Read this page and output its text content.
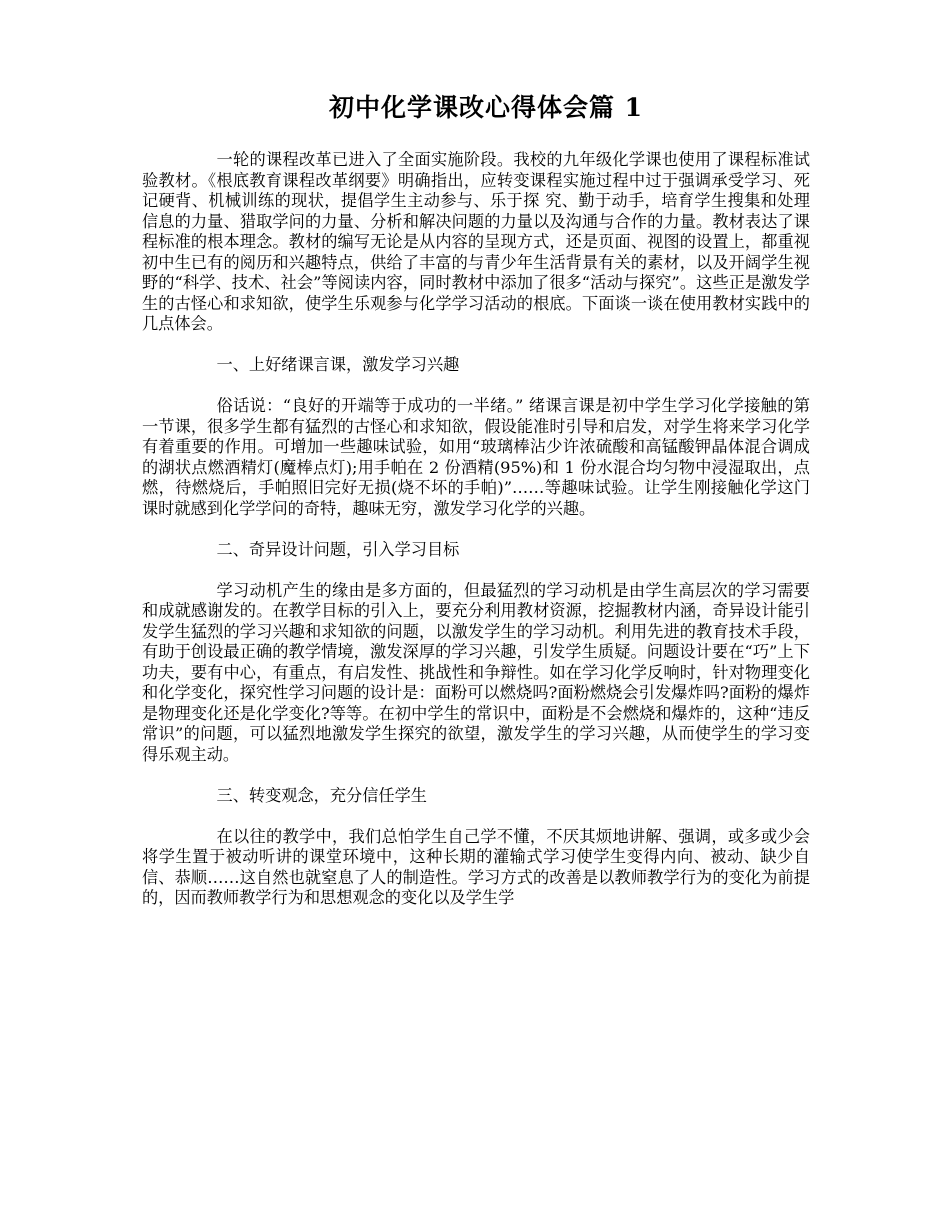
初中化学课改心得体会篇 1

一轮的课程改革已进入了全面实施阶段。我校的九年级化学课也使用了课程标准试验教材。《根底教育课程改革纲要》明确指出，应转变课程实施过程中过于强调承受学习、死记硬背、机械训练的现状，提倡学生主动参与、乐于探 究、勤于动手，培育学生搜集和处理信息的力量、猎取学问的力量、分析和解决问题的力量以及沟通与合作的力量。教材表达了课程标准的根本理念。教材的编写无论是从内容的呈现方式，还是页面、视图的设置上，都重视初中生已有的阅历和兴趣特点，供给了丰富的与青少年生活背景有关的素材，以及开阔学生视野的“科学、技术、社会”等阅读内容，同时教材中添加了很多“活动与探究”。这些正是激发学生的古怪心和求知欲，使学生乐观参与化学学习活动的根底。下面谈一谈在使用教材实践中的几点体会。

一、上好绪课言课，激发学习兴趣

俗话说：“良好的开端等于成功的一半绪。” 绪课言课是初中学生学习化学接触的第一节课，很多学生都有猛烈的古怪心和求知欲，假设能准时引导和启发，对学生将来学习化学有着重要的作用。可增加一些趣味试验，如用“玻璃棒沾少许浓硫酸和高锰酸钾晶体混合调成的湖状点燃酒精灯(魔棒点灯);用手帕在 2 份酒精(95%)和 1 份水混合均匀物中浸湿取出，点燃，待燃烧后，手帕照旧完好无损(烧不坏的手帕)”……等趣味试验。让学生刚接触化学这门课时就感到化学学问的奇特，趣味无穷，激发学习化学的兴趣。

二、奇异设计问题，引入学习目标

学习动机产生的缘由是多方面的，但最猛烈的学习动机是由学生高层次的学习需要和成就感谢发的。在教学目标的引入上，要充分利用教材资源，挖掘教材内涵，奇异设计能引发学生猛烈的学习兴趣和求知欲的问题，以激发学生的学习动机。利用先进的教育技术手段，有助于创设最正确的教学情境，激发深厚的学习兴趣，引发学生质疑。问题设计要在“巧”上下功夫，要有中心，有重点，有启发性、挑战性和争辩性。如在学习化学反响时，针对物理变化和化学变化，探究性学习问题的设计是：面粉可以燃烧吗?面粉燃烧会引发爆炸吗?面粉的爆炸是物理变化还是化学变化?等等。在初中学生的常识中，面粉是不会燃烧和爆炸的，这种“违反常识”的问题，可以猛烈地激发学生探究的欲望，激发学生的学习兴趣，从而使学生的学习变得乐观主动。

三、转变观念，充分信任学生

在以往的教学中，我们总怕学生自己学不懂，不厌其烦地讲解、强调，或多或少会将学生置于被动听讲的课堂环境中，这种长期的灌输式学习使学生变得内向、被动、缺少自信、恭顺……这自然也就窒息了人的制造性。学习方式的改善是以教师教学行为的变化为前提的，因而教师教学行为和思想观念的变化以及学生学
